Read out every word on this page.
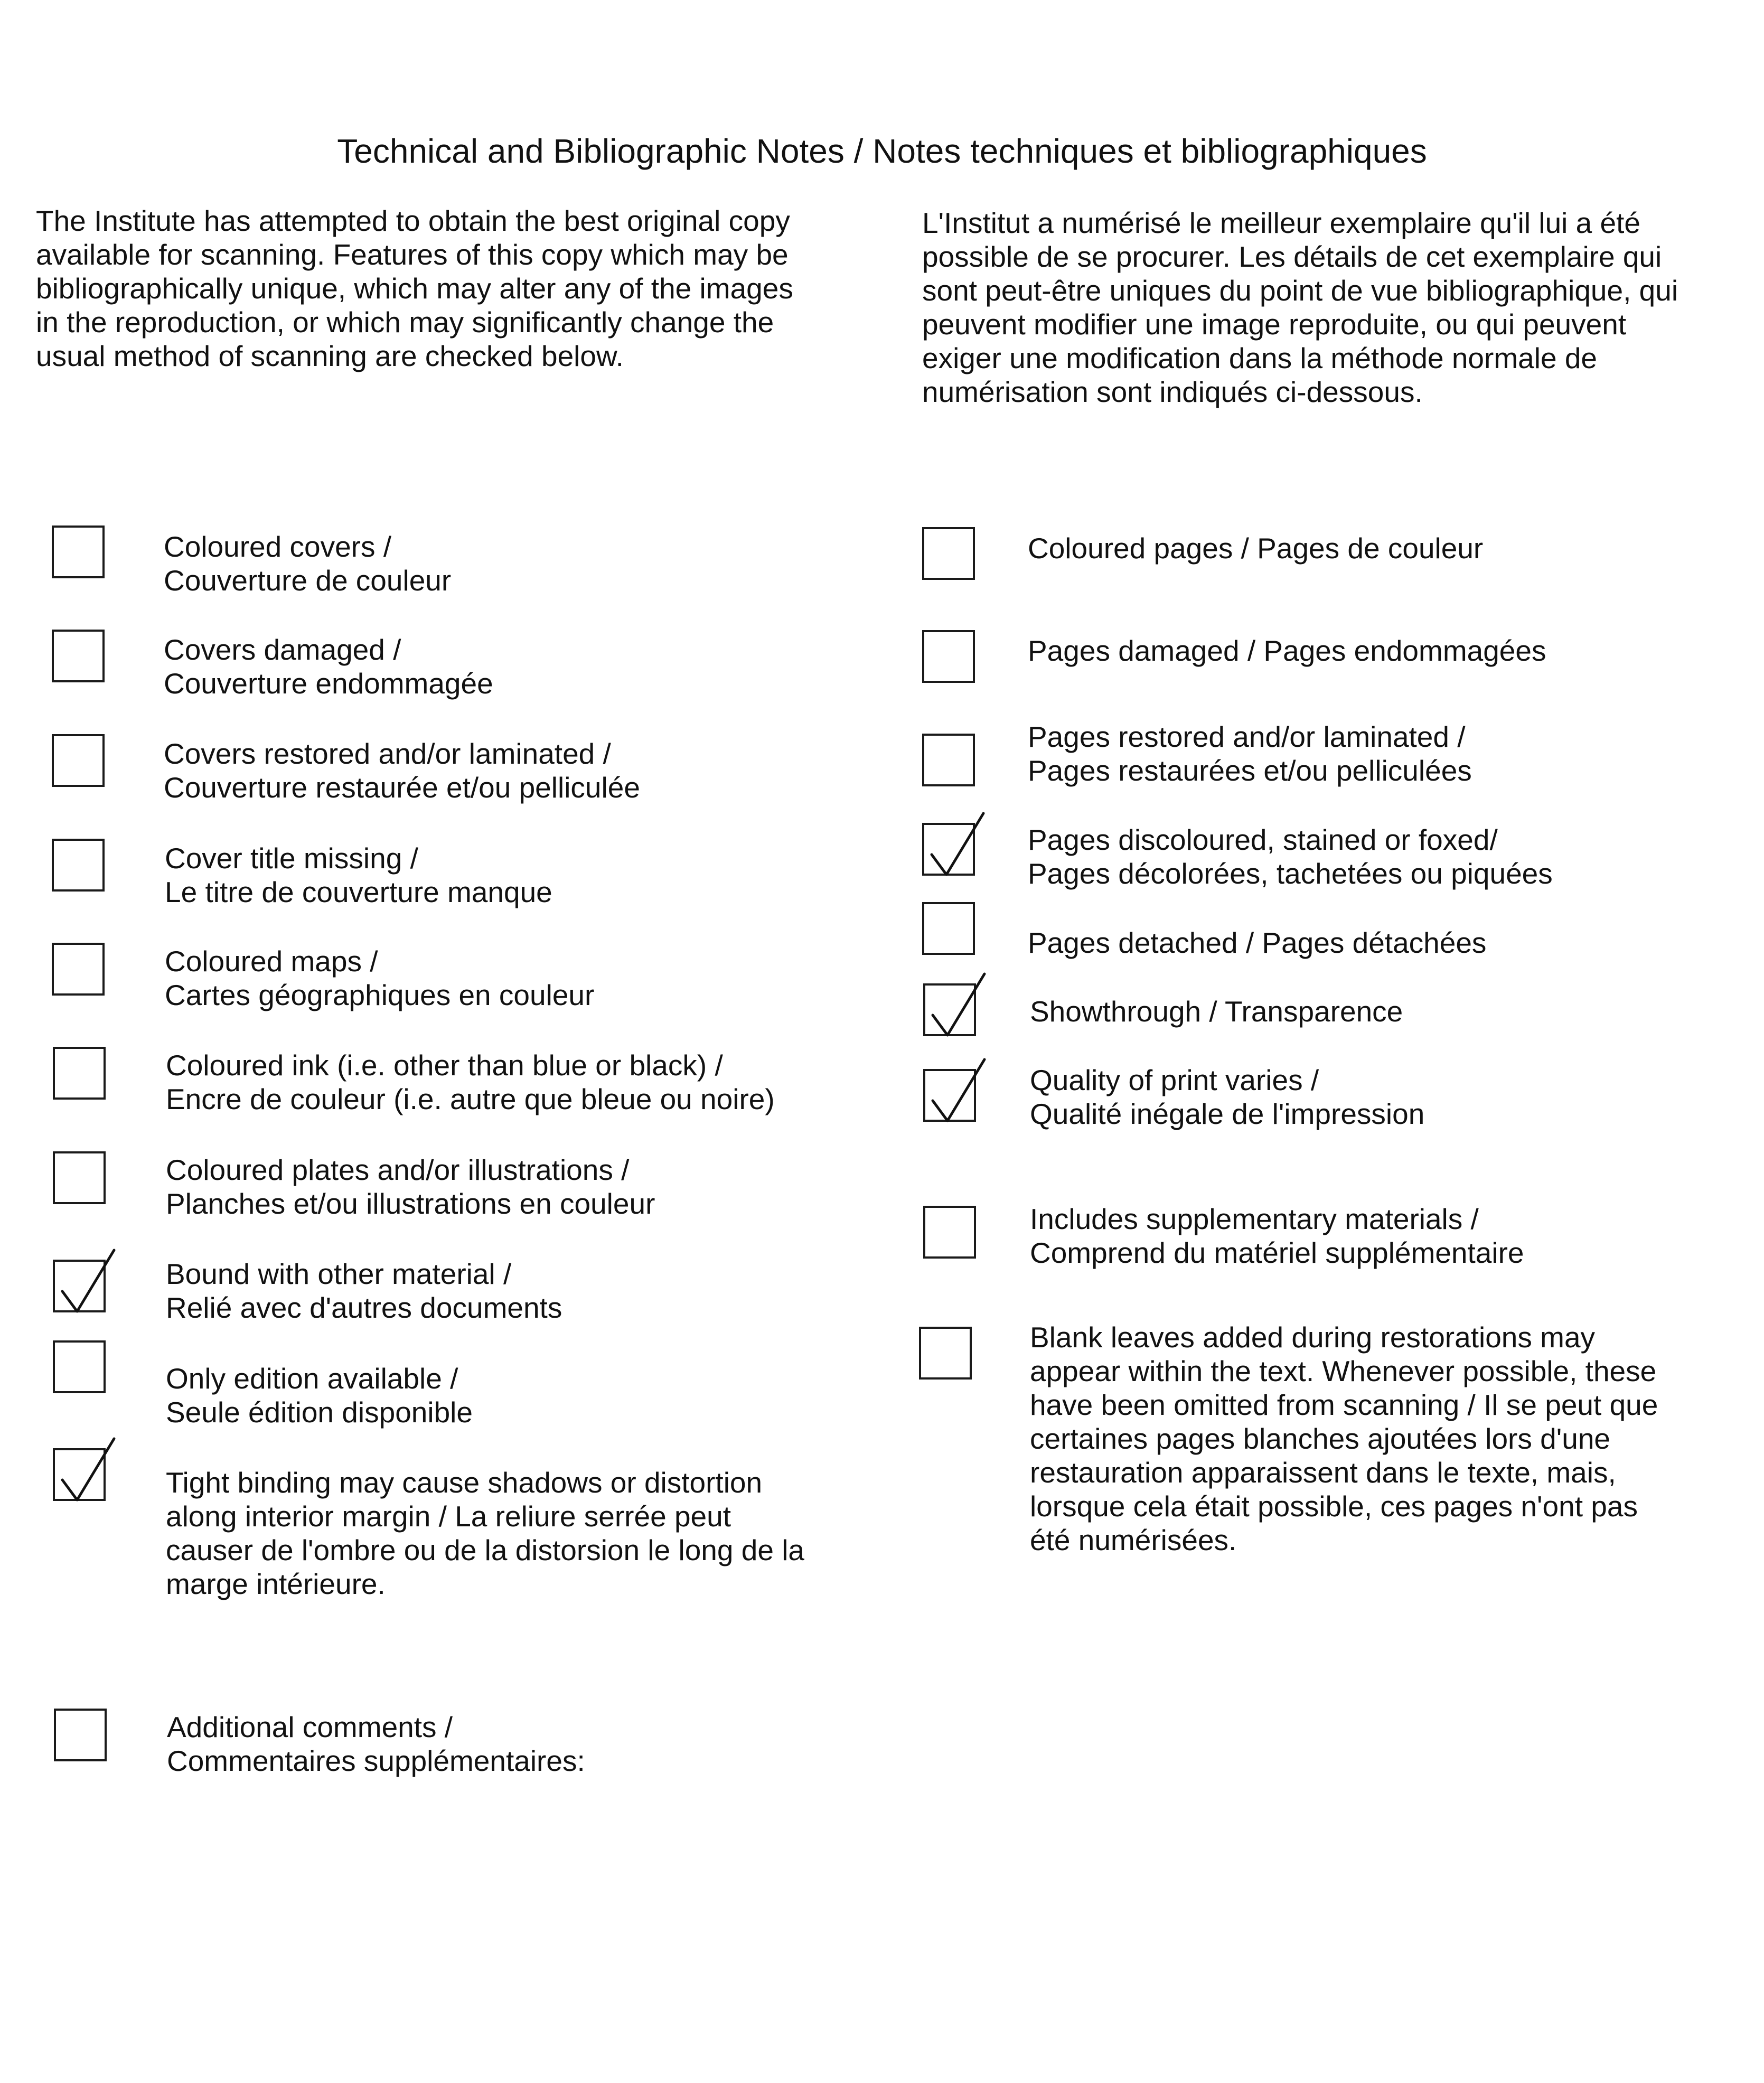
Technical and Bibliographic Notes / Notes techniques et bibliographiques
The Institute has attempted to obtain the best original copy
available for scanning. Features of this copy which may be
bibliographically unique, which may alter any of the images
in the reproduction, or which may significantly change the
usual method of scanning are checked below.
L'Institut a numérisé le meilleur exemplaire qu'il lui a été
possible de se procurer. Les détails de cet exemplaire qui
sont peut-être uniques du point de vue bibliographique, qui
peuvent modifier une image reproduite, ou qui peuvent
exiger une modification dans la méthode normale de
numérisation sont indiqués ci-dessous.
Coloured covers /
Couverture de couleur
Covers damaged /
Couverture endommagée
Covers restored and/or laminated /
Couverture restaurée et/ou pelliculée
Cover title missing /
Le titre de couverture manque
Coloured maps /
Cartes géographiques en couleur
Coloured ink (i.e. other than blue or black) /
Encre de couleur (i.e. autre que bleue ou noire)
Coloured plates and/or illustrations /
Planches et/ou illustrations en couleur
Bound with other material /
Relié avec d'autres documents
Only edition available /
Seule édition disponible
Tight binding may cause shadows or distortion
along interior margin / La reliure serrée peut
causer de l'ombre ou de la distorsion le long de la
marge intérieure.
Additional comments /
Commentaires supplémentaires:
Coloured pages / Pages de couleur
Pages damaged / Pages endommagées
Pages restored and/or laminated /
Pages restaurées et/ou pelliculées
Pages discoloured, stained or foxed/
Pages décolorées, tachetées ou piquées
Pages detached / Pages détachées
Showthrough / Transparence
Quality of print varies /
Qualité inégale de l'impression
Includes supplementary materials /
Comprend du matériel supplémentaire
Blank leaves added during restorations may
appear within the text. Whenever possible, these
have been omitted from scanning / Il se peut que
certaines pages blanches ajoutées lors d'une
restauration apparaissent dans le texte, mais,
lorsque cela était possible, ces pages n'ont pas
été numérisées.
